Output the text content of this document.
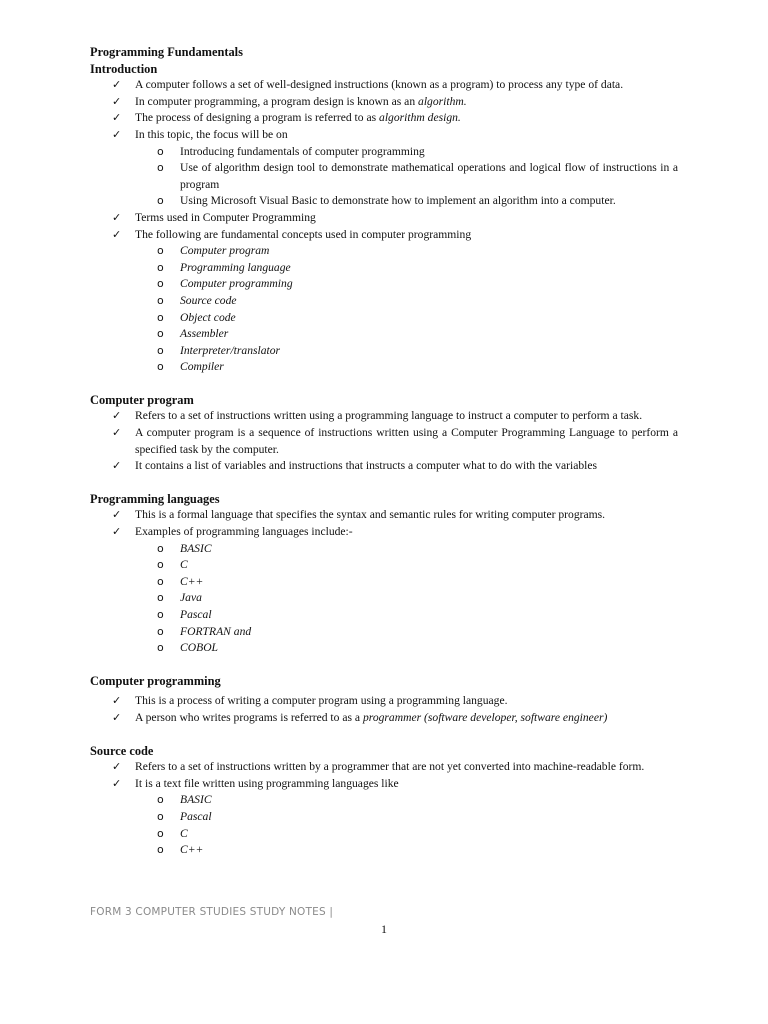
Programming Fundamentals
Introduction
✓ A computer follows a set of well-designed instructions (known as a program) to process any type of data.
✓ In computer programming, a program design is known as an algorithm.
✓ The process of designing a program is referred to as algorithm design.
✓ In this topic, the focus will be on
o Introducing fundamentals of computer programming
o Use of algorithm design tool to demonstrate mathematical operations and logical flow of instructions in a program
o Using Microsoft Visual Basic to demonstrate how to implement an algorithm into a computer.
✓ Terms used in Computer Programming
✓ The following are fundamental concepts used in computer programming
o Computer program
o Programming language
o Computer programming
o Source code
o Object code
o Assembler
o Interpreter/translator
o Compiler
Computer program
✓ Refers to a set of instructions written using a programming language to instruct a computer to perform a task.
✓ A computer program is a sequence of instructions written using a Computer Programming Language to perform a specified task by the computer.
✓ It contains a list of variables and instructions that instructs a computer what to do with the variables
Programming languages
✓ This is a formal language that specifies the syntax and semantic rules for writing computer programs.
✓ Examples of programming languages include:-
o BASIC
o C
o C++
o Java
o Pascal
o FORTRAN and
o COBOL
Computer programming
✓ This is a process of writing a computer program using a programming language.
✓ A person who writes programs is referred to as a programmer (software developer, software engineer)
Source code
✓ Refers to a set of instructions written by a programmer that are not yet converted into machine-readable form.
✓ It is a text file written using programming languages like
o BASIC
o Pascal
o C
o C++
FORM 3 COMPUTER STUDIES STUDY NOTES |
1
